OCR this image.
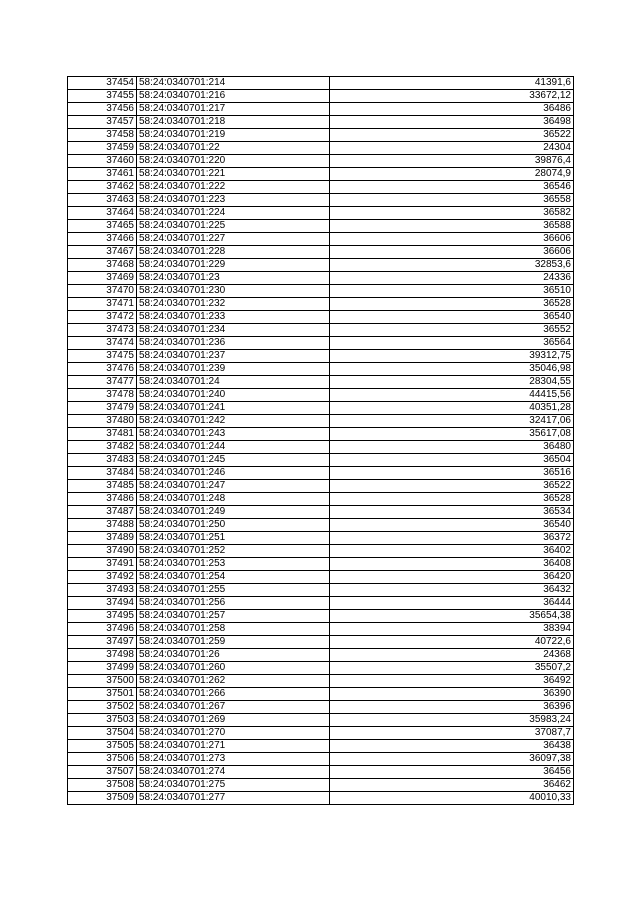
37454	58:24:0340701:214	41391,6
37455	58:24:0340701:216	33672,12
37456	58:24:0340701:217	36486
37457	58:24:0340701:218	36498
37458	58:24:0340701:219	36522
37459	58:24:0340701:22	24304
37460	58:24:0340701:220	39876,4
37461	58:24:0340701:221	28074,9
37462	58:24:0340701:222	36546
37463	58:24:0340701:223	36558
37464	58:24:0340701:224	36582
37465	58:24:0340701:225	36588
37466	58:24:0340701:227	36606
37467	58:24:0340701:228	36606
37468	58:24:0340701:229	32853,6
37469	58:24:0340701:23	24336
37470	58:24:0340701:230	36510
37471	58:24:0340701:232	36528
37472	58:24:0340701:233	36540
37473	58:24:0340701:234	36552
37474	58:24:0340701:236	36564
37475	58:24:0340701:237	39312,75
37476	58:24:0340701:239	35046,98
37477	58:24:0340701:24	28304,55
37478	58:24:0340701:240	44415,56
37479	58:24:0340701:241	40351,28
37480	58:24:0340701:242	32417,06
37481	58:24:0340701:243	35617,08
37482	58:24:0340701:244	36480
37483	58:24:0340701:245	36504
37484	58:24:0340701:246	36516
37485	58:24:0340701:247	36522
37486	58:24:0340701:248	36528
37487	58:24:0340701:249	36534
37488	58:24:0340701:250	36540
37489	58:24:0340701:251	36372
37490	58:24:0340701:252	36402
37491	58:24:0340701:253	36408
37492	58:24:0340701:254	36420
37493	58:24:0340701:255	36432
37494	58:24:0340701:256	36444
37495	58:24:0340701:257	35654,38
37496	58:24:0340701:258	38394
37497	58:24:0340701:259	40722,6
37498	58:24:0340701:26	24368
37499	58:24:0340701:260	35507,2
37500	58:24:0340701:262	36492
37501	58:24:0340701:266	36390
37502	58:24:0340701:267	36396
37503	58:24:0340701:269	35983,24
37504	58:24:0340701:270	37087,7
37505	58:24:0340701:271	36438
37506	58:24:0340701:273	36097,38
37507	58:24:0340701:274	36456
37508	58:24:0340701:275	36462
37509	58:24:0340701:277	40010,33
